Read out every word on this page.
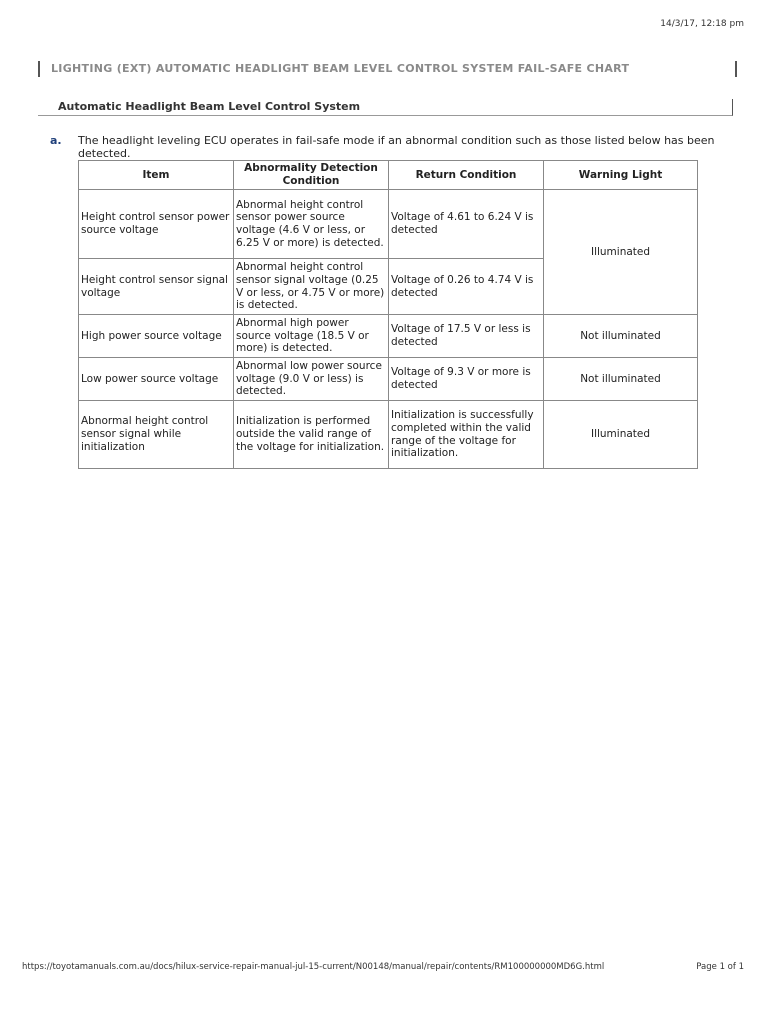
14/3/17, 12:18 pm
LIGHTING (EXT) AUTOMATIC HEADLIGHT BEAM LEVEL CONTROL SYSTEM FAIL-SAFE CHART
Automatic Headlight Beam Level Control System
a. The headlight leveling ECU operates in fail-safe mode if an abnormal condition such as those listed below has been detected.
Item	Abnormality Detection Condition	Return Condition	Warning Light
Height control sensor power source voltage	Abnormal height control sensor power source voltage (4.6 V or less, or 6.25 V or more) is detected.	Voltage of 4.61 to 6.24 V is detected	Illuminated
Height control sensor signal voltage	Abnormal height control sensor signal voltage (0.25 V or less, or 4.75 V or more) is detected.	Voltage of 0.26 to 4.74 V is detected	
High power source voltage	Abnormal high power source voltage (18.5 V or more) is detected.	Voltage of 17.5 V or less is detected	Not illuminated
Low power source voltage	Abnormal low power source voltage (9.0 V or less) is detected.	Voltage of 9.3 V or more is detected	Not illuminated
Abnormal height control sensor signal while initialization	Initialization is performed outside the valid range of the voltage for initialization.	Initialization is successfully completed within the valid range of the voltage for initialization.	Illuminated
https://toyotamanuals.com.au/docs/hilux-service-repair-manual-jul-15-current/N00148/manual/repair/contents/RM100000000MD6G.html	Page 1 of 1
